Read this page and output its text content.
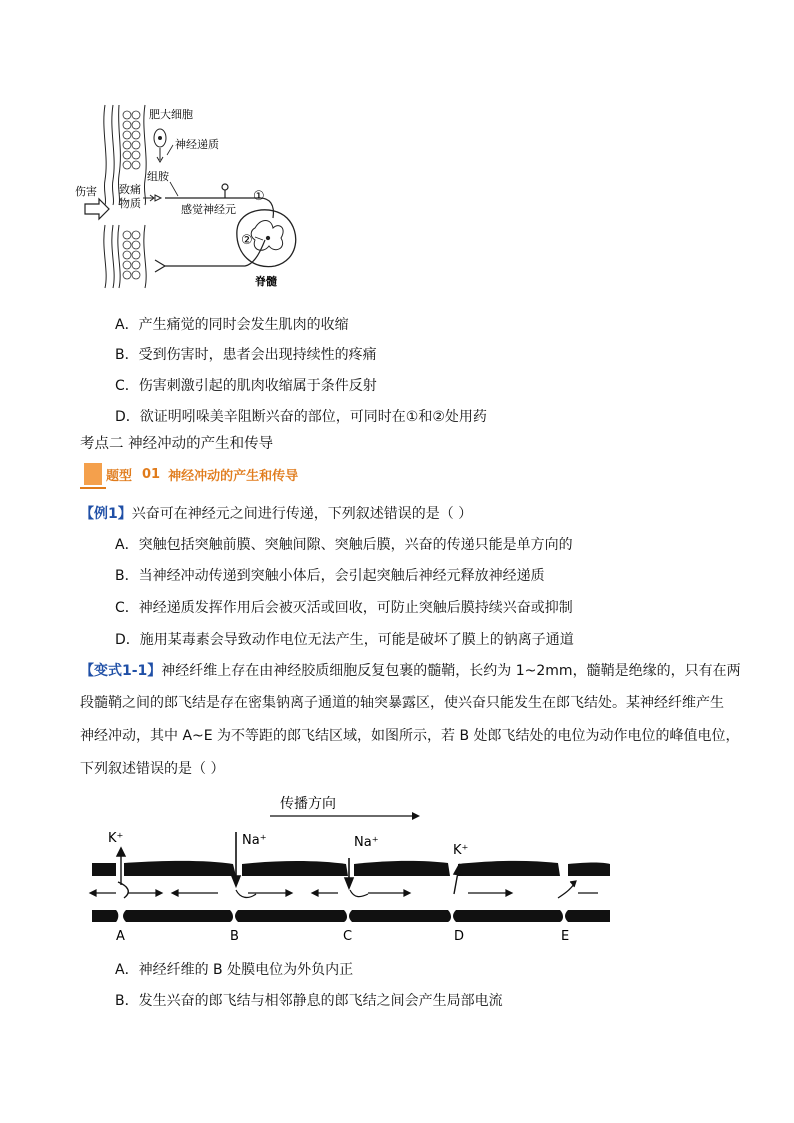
伤害
肥大细胞
神经递质
组胺
致痛
物质	感觉神经元
①
②
脊髓
A．产生痛觉的同时会发生肌肉的收缩
B．受到伤害时，患者会出现持续性的疼痛
C．伤害刺激引起的肌肉收缩属于条件反射
D．欲证明吲哚美辛阻断兴奋的部位，可同时在①和②处用药
考点二 神经冲动的产生和传导
题型 01 神经冲动的产生和传导
【例1】兴奋可在神经元之间进行传递，下列叙述错误的是（ ）
A．突触包括突触前膜、突触间隙、突触后膜，兴奋的传递只能是单方向的
B．当神经冲动传递到突触小体后，会引起突触后神经元释放神经递质
C．神经递质发挥作用后会被灭活或回收，可防止突触后膜持续兴奋或抑制
D．施用某毒素会导致动作电位无法产生，可能是破坏了膜上的钠离子通道
【变式1-1】神经纤维上存在由神经胶质细胞反复包裹的髓鞘，长约为 1~2mm，髓鞘是绝缘的，只有在两
段髓鞘之间的郎飞结是存在密集钠离子通道的轴突暴露区，使兴奋只能发生在郎飞结处。某神经纤维产生
神经冲动，其中 A~E 为不等距的郎飞结区域，如图所示，若 B 处郎飞结处的电位为动作电位的峰值电位，
下列叙述错误的是（ ）
传播方向
K⁺	Na⁺	Na⁺
K⁺
A	B	C	D	E
A．神经纤维的 B 处膜电位为外负内正
B．发生兴奋的郎飞结与相邻静息的郎飞结之间会产生局部电流
